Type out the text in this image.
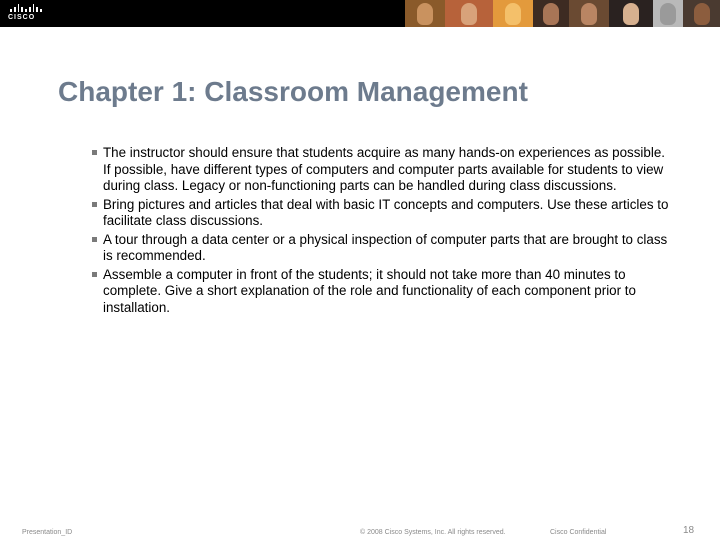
CISCO
Chapter 1: Classroom Management
The instructor should ensure that students acquire as many hands-on experiences as possible. If possible, have different types of computers and computer parts available for students to view during class. Legacy or non-functioning parts can be handled during class discussions.
Bring pictures and articles that deal with basic IT concepts and computers. Use these articles to facilitate class discussions.
A tour through a data center or a physical inspection of computer parts that are brought to class is recommended.
Assemble a computer in front of the students; it should not take more than 40 minutes to complete. Give a short explanation of the role and functionality of each component prior to installation.
Presentation_ID	© 2008 Cisco Systems, Inc. All rights reserved.	Cisco Confidential	18
